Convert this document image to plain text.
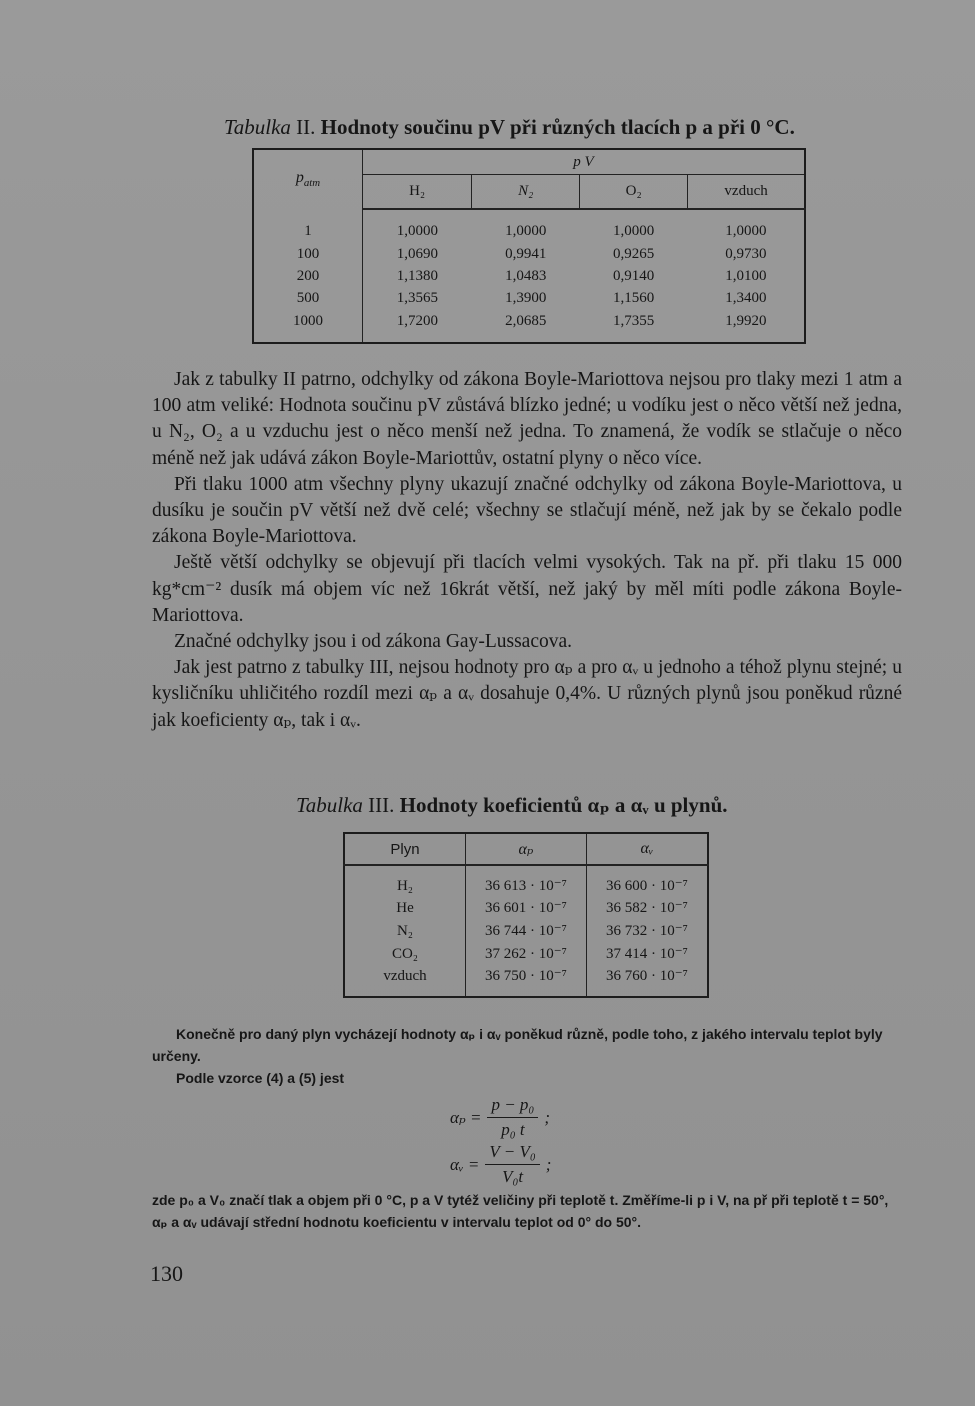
Tabulka II. Hodnoty součinu pV při různých tlacích p a při 0 °C.
$p_{atm}$	p V			
	H₂	N₂	O₂	vzduch

1	1,0000	1,0000	1,0000	1,0000
100	1,0690	0,9941	0,9265	0,9730
200	1,1380	1,0483	0,9140	1,0100
500	1,3565	1,3900	1,1560	1,3400
1000	1,7200	2,0685	1,7355	1,9920

Jak z tabulky II patrno, odchylky od zákona Boyle-Mariottova nejsou pro tlaky mezi 1 atm a 100 atm veliké: Hodnota součinu pV zůstává blízko jedné; u vodíku jest o něco větší než jedna, u N₂, O₂ a u vzduchu jest o něco menší než jedna. To znamená, že vodík se stlačuje o něco méně než jak udává zákon Boyle-Mariottův, ostatní plyny o něco více.

Při tlaku 1000 atm všechny plyny ukazují značné odchylky od zákona Boyle-Mariottova, u dusíku je součin pV větší než dvě celé; všechny se stlačují méně, než jak by se čekalo podle zákona Boyle-Mariottova.

Ještě větší odchylky se objevují při tlacích velmi vysokých. Tak na př. při tlaku 15 000 kg*cm⁻² dusík má objem víc než 16krát větší, než jaký by měl míti podle zákona Boyle-Mariottova.

Značné odchylky jsou i od zákona Gay-Lussacova.

Jak jest patrno z tabulky III, nejsou hodnoty pro αₚ a pro αᵥ u jednoho a téhož plynu stejné; u kysličníku uhličitého rozdíl mezi αₚ a αᵥ dosahuje 0,4%. U různých plynů jsou poněkud různé jak koeficienty αₚ, tak i αᵥ.

Tabulka III. Hodnoty koeficientů αₚ a αᵥ u plynů.
Plyn	αₚ	αᵥ

H₂	36 613 · 10⁻⁷	36 600 · 10⁻⁷
He	36 601 · 10⁻⁷	36 582 · 10⁻⁷
N₂	36 744 · 10⁻⁷	36 732 · 10⁻⁷
CO₂	37 262 · 10⁻⁷	37 414 · 10⁻⁷
vzduch	36 750 · 10⁻⁷	36 760 · 10⁻⁷

Konečně pro daný plyn vycházejí hodnoty αₚ i αᵥ poněkud různě, podle toho, z jakého intervalu teplot byly určeny.

Podle vzorce (4) a (5) jest

$\alpha_p = \frac{\text{p − p₀}}{\text{p₀ t}}$ ;
αᵥ = $\frac{\text{V − V₀}}{\text{V₀t}}$ ;

zde p₀ a V₀ značí tlak a objem při 0 °C, p a V tytéž veličiny při teplotě t. Změříme-li p i V, na př při teplotě t = 50°, αₚ a αᵥ udávají střední hodnotu koeficientu v intervalu teplot od 0° do 50°.

130
